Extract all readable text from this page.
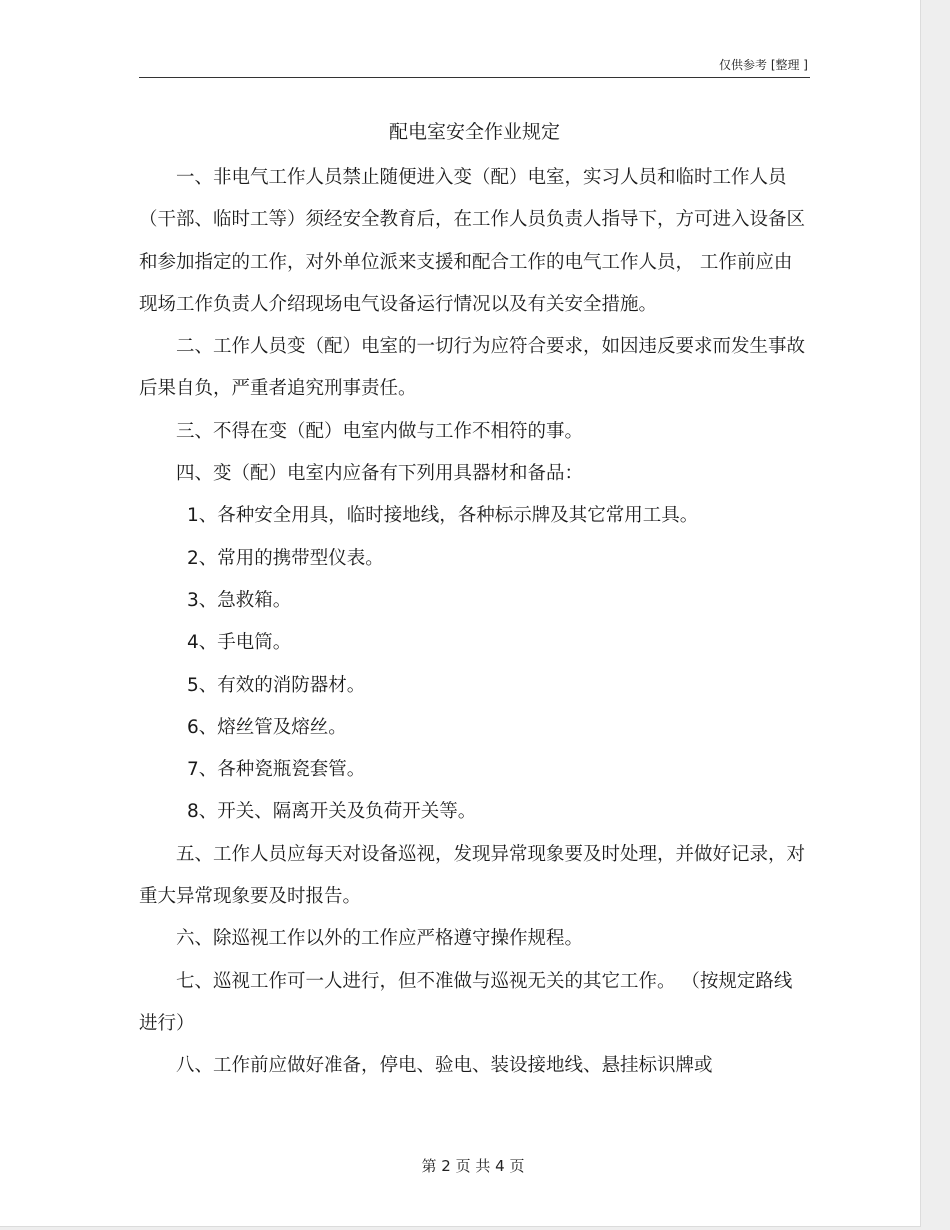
仅供参考 [整理 ]
配电室安全作业规定

一、非电气工作人员禁止随便进入变（配）电室，实习人员和临时工作人员（干部、临时工等）须经安全教育后，在工作人员负责人指导下，方可进入设备区和参加指定的工作，对外单位派来支援和配合工作的电气工作人员， 工作前应由现场工作负责人介绍现场电气设备运行情况以及有关安全措施。

二、工作人员变（配）电室的一切行为应符合要求，如因违反要求而发生事故后果自负，严重者追究刑事责任。

三、不得在变（配）电室内做与工作不相符的事。

四、变（配）电室内应备有下列用具器材和备品：

1、各种安全用具，临时接地线，各种标示牌及其它常用工具。

2、常用的携带型仪表。

3、急救箱。

4、手电筒。

5、有效的消防器材。

6、熔丝管及熔丝。

7、各种瓷瓶瓷套管。

8、开关、隔离开关及负荷开关等。

五、工作人员应每天对设备巡视，发现异常现象要及时处理，并做好记录，对重大异常现象要及时报告。

六、除巡视工作以外的工作应严格遵守操作规程。

七、巡视工作可一人进行，但不准做与巡视无关的其它工作。 （按规定路线进行）

八、工作前应做好准备，停电、验电、装设接地线、悬挂标识牌或

第 2 页 共 4 页
